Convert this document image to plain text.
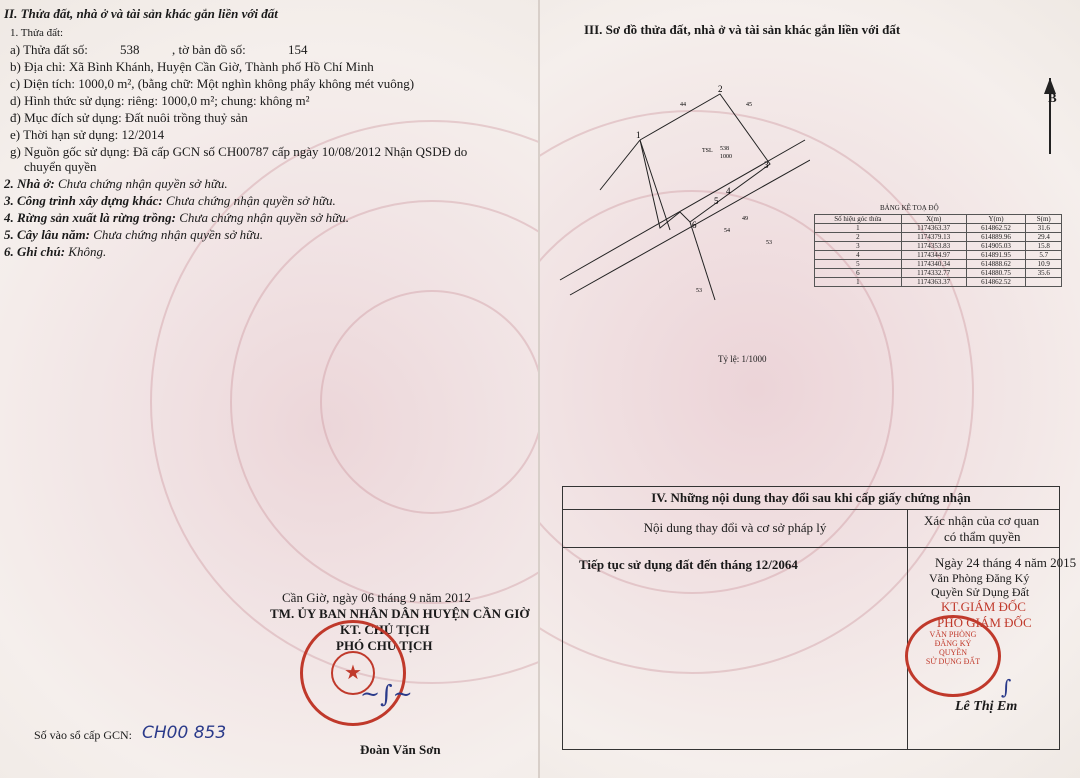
II. Thửa đất, nhà ở và tài sản khác gắn liền với đất
1. Thửa đất:
a) Thửa đất số: 538	, tờ bản đồ số:	154
b) Địa chỉ: Xã Bình Khánh, Huyện Cần Giờ, Thành phố Hồ Chí Minh
c) Diện tích: 1000,0 m², (bằng chữ: Một nghìn không phẩy không mét vuông)
d) Hình thức sử dụng: riêng: 1000,0 m²; chung: không m²
đ) Mục đích sử dụng: Đất nuôi trồng thuỷ sản
e) Thời hạn sử dụng: 12/2014
g) Nguồn gốc sử dụng: Đã cấp GCN số CH00787 cấp ngày 10/08/2012 Nhận QSDĐ do
chuyển quyền
2. Nhà ở: Chưa chứng nhận quyền sở hữu.
3. Công trình xây dựng khác: Chưa chứng nhận quyền sở hữu.
4. Rừng sản xuất là rừng trồng: Chưa chứng nhận quyền sở hữu.
5. Cây lâu năm: Chưa chứng nhận quyền sở hữu.
6. Ghi chú: Không.
Cần Giờ, ngày 06 tháng 9 năm 2012
TM. ỦY BAN NHÂN DÂN HUYỆN CẦN GIỜ
KT. CHỦ TỊCH
PHÓ CHỦ TỊCH
★
~∫~
Đoàn Văn Sơn
Số vào sổ cấp GCN: CH00 853
III. Sơ đồ thửa đất, nhà ở và tài sản khác gắn liền với đất
B
1
2
3
4
5
6
44	45
49
54
53
53
TSL 538
1000
Tỷ lệ: 1/1000
BẢNG KÊ TOẠ ĐỘ
Số hiệu góc thửa	X(m)	Y(m)	S(m)
1	1174363.37	614862.52	31.6
2	1174379.13	614889.96	29.4
3	1174353.83	614905.03	15.8
4	1174344.97	614891.95	5.7
5	1174340.34	614888.62	10.9
6	1174332.77	614880.75	35.6
1	1174363.37	614862.52	
IV. Những nội dung thay đổi sau khi cấp giấy chứng nhận
Nội dung thay đổi và cơ sở pháp lý	Xác nhận của cơ quan
có thẩm quyền
Tiếp tục sử dụng đất đến tháng 12/2064	Ngày 24 tháng 4 năm 2015
Văn Phòng Đăng Ký
Quyền Sử Dụng Đất
KT.GIÁM ĐỐC
PHÓ GIÁM ĐỐC
VĂN PHÒNG
ĐĂNG KÝ
QUYỀN
SỬ DỤNG ĐẤT
∫
Lê Thị Em
